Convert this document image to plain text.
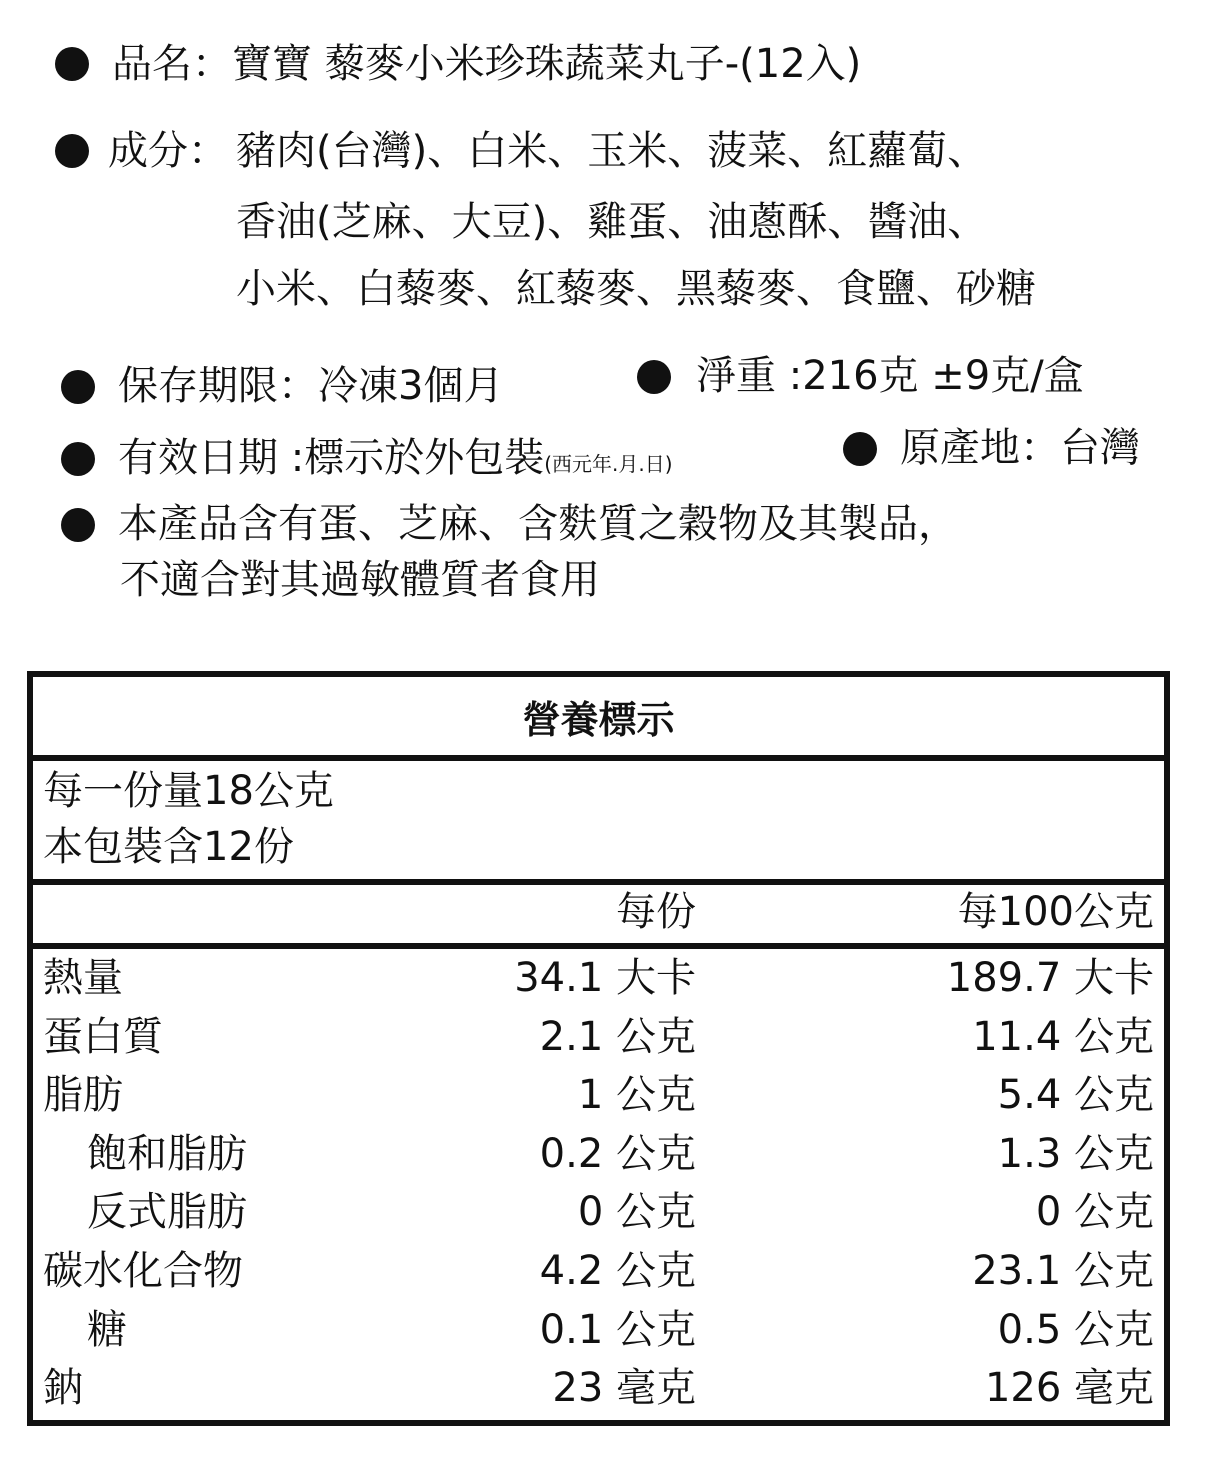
品名：寶寶 藜麥小米珍珠蔬菜丸子-(12入)
成分： 豬肉(台灣)、白米、玉米、菠菜、紅蘿蔔、
香油(芝麻、大豆)、雞蛋、油蔥酥、醬油、
小米、白藜麥、紅藜麥、黑藜麥、食鹽、砂糖
保存期限：冷凍3個月	淨重 :216克 ±9克/盒
有效日期 :標示於外包裝(西元年.月.日)	原產地：台灣
本產品含有蛋、芝麻、含麩質之穀物及其製品，
不適合對其過敏體質者食用
營養標示
每一份量18公克
本包裝含12份
每份	每100公克
熱量	34.1 大卡	189.7 大卡
蛋白質	2.1 公克	11.4 公克
脂肪	1 公克	5.4 公克
飽和脂肪	0.2 公克	1.3 公克
反式脂肪	0 公克	0 公克
碳水化合物	4.2 公克	23.1 公克
糖	0.1 公克	0.5 公克
鈉	23 毫克	126 毫克
